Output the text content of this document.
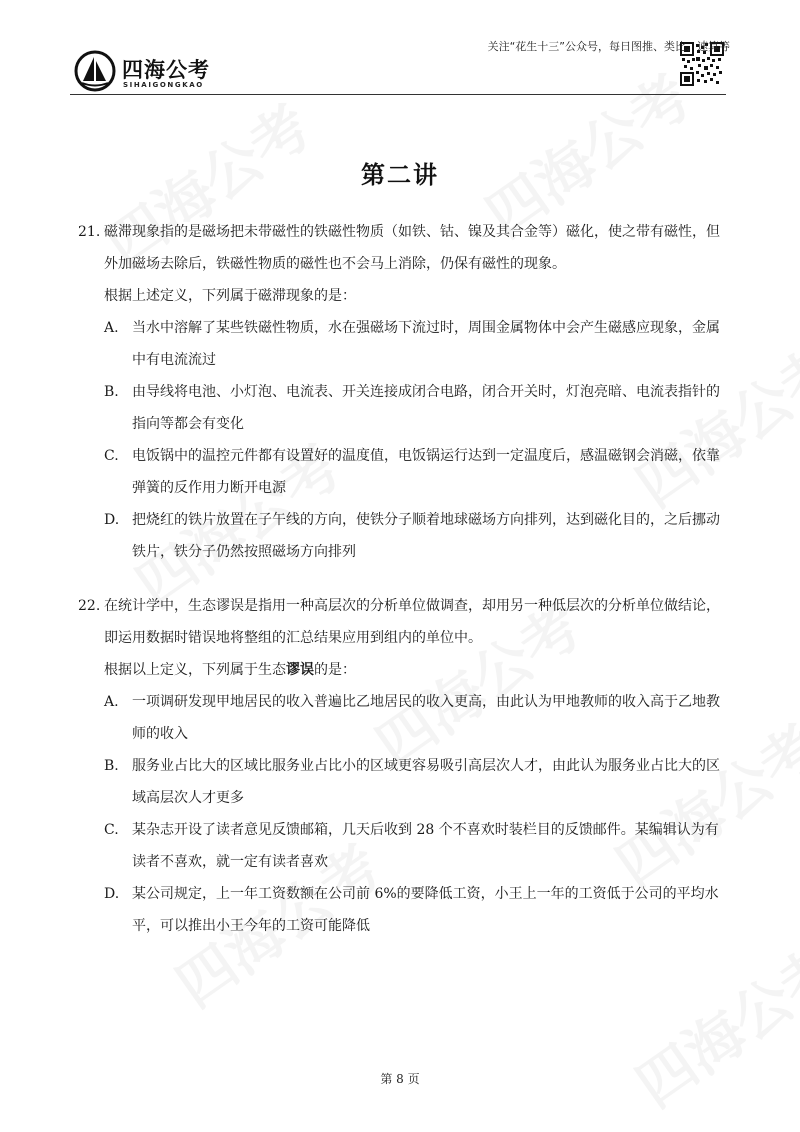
四海公考
SIHAIGONGKAO
关注“花生十三”公众号，每日图推、类比、速算等
第二讲
21. 磁滞现象指的是磁场把未带磁性的铁磁性物质（如铁、钴、镍及其合金等）磁化，使之带有磁性，但外加磁场去除后，铁磁性物质的磁性也不会马上消除，仍保有磁性的现象。
根据上述定义，下列属于磁滞现象的是：
A. 当水中溶解了某些铁磁性物质，水在强磁场下流过时，周围金属物体中会产生磁感应现象，金属中有电流流过
B. 由导线将电池、小灯泡、电流表、开关连接成闭合电路，闭合开关时，灯泡亮暗、电流表指针的指向等都会有变化
C. 电饭锅中的温控元件都有设置好的温度值，电饭锅运行达到一定温度后，感温磁钢会消磁，依靠弹簧的反作用力断开电源
D. 把烧红的铁片放置在子午线的方向，使铁分子顺着地球磁场方向排列，达到磁化目的，之后挪动铁片，铁分子仍然按照磁场方向排列
22. 在统计学中，生态谬误是指用一种高层次的分析单位做调查，却用另一种低层次的分析单位做结论，即运用数据时错误地将整组的汇总结果应用到组内的单位中。
根据以上定义，下列属于生态谬误的是：
A. 一项调研发现甲地居民的收入普遍比乙地居民的收入更高，由此认为甲地教师的收入高于乙地教师的收入
B. 服务业占比大的区域比服务业占比小的区域更容易吸引高层次人才，由此认为服务业占比大的区域高层次人才更多
C. 某杂志开设了读者意见反馈邮箱，几天后收到 28 个不喜欢时装栏目的反馈邮件。某编辑认为有读者不喜欢，就一定有读者喜欢
D. 某公司规定，上一年工资数额在公司前 6%的要降低工资，小王上一年的工资低于公司的平均水平，可以推出小王今年的工资可能降低
第 8 页
